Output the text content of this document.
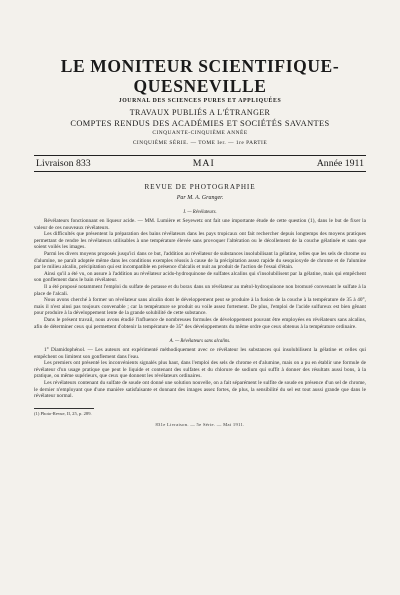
LE MONITEUR SCIENTIFIQUE-QUESNEVILLE
JOURNAL DES SCIENCES PURES ET APPLIQUÉES
TRAVAUX PUBLIÉS A L'ÉTRANGER
COMPTES RENDUS DES ACADÉMIES ET SOCIÉTÉS SAVANTES
CINQUANTE-CINQUIÈME ANNÉE
CINQUIÈME SÉRIE. — TOME Ier. — 1re PARTIE
Livraison 833	MAI	Année 1911
REVUE DE PHOTOGRAPHIE
Par M. A. Granger.
I. — Révélateurs.

Révélateurs fonctionnant en liqueur acide. — MM. Lumière et Seyewetz ont fait une importante étude de cette question (1), dans le but de fixer la valeur de ces nouveaux révélateurs.

Les difficultés que présentent la préparation des bains révélateurs dans les pays tropicaux ont fait rechercher depuis longtemps des moyens pratiques permettant de rendre les révélateurs utilisables à une température élevée sans provoquer l'altération ou le décollement de la couche gélatinée et sans que soient voilés les images.

Parmi les divers moyens proposés jusqu'ici dans ce but, l'addition au révélateur de substances insolubilisant la gélatine, telles que les sels de chrome ou d'alumine, ne paraît adoptée même dans les conditions exemples réussis à cause de la précipitation assez rapide du sesquioxyde de chrome et de l'alumine par le milieu alcalin, précipitation qui est incompatible en présence d'alcalis et nuit au produit de l'action de l'essai d'étain.

Ainsi qu'il a été vu, on assure à l'addition au révélateur acido-hydroquinone de sulfates alcalins qui s'insolubilisent par la gélatine, mais qui empêchent son gonflement dans le bain révélateur.

Il a été proposé notamment l'emploi du sulfate de potasse et du borax dans un révélateur au métol-hydroquinone non bromuré convenant le sulfate à la place de l'alcali.

Nous avons cherché à former un révélateur sans alcalin dont le développement peut se produire à la fusion de la couche à la température de 35 à 40°, mais il n'est ainsi pas toujours convenable ; car la température se produit ou voile assez fortement. De plus, l'emploi de l'acide sulfureux est bien gênant pour produire à la développement lente de la grande solubilité de cette substance.

Dans le présent travail, nous avons étudié l'influence de nombreuses formules de développement pouvant être employées en révélateurs sans alcalins, afin de déterminer ceux qui permettent d'obtenir la température de 35° des développements du même ordre que ceux obtenus à la température ordinaire.

A. — Révélateurs sans alcalins.

1° Diamidophénol. — Les auteurs ont expérimenté méthodiquement avec ce révélateur les substances qui insolubilisent la gélatine et celles qui empêchent ou limitent son gonflement dans l'eau.

Les premiers ont présenté les inconvénients signalés plus haut, dans l'emploi des sels de chrome et d'alumine, mais on a pu en établir une formule de révélateur d'un usage pratique que peut le liquide et contenant des sulfates et du chlorure de sodium qui suffit à donner des résultats aussi bons, à la pratique, ou même supérieurs, que ceux que donnent les révélateurs ordinaires.

Les révélateurs contenant du sulfate de soude ont donné une solution nouvelle, on a fait séparément le sulfite de soude en présence d'un sel de chrome, le dernier n'employant que d'une manière satisfaisante et donnant des images assez fortes, de plus, la sensibilité du sel est tout aussi grande que dans le révélateur normal.

(1) Photo-Revue, II, 25, p. 289.
831e Livraison. — 5e Série. — Mai 1911.
